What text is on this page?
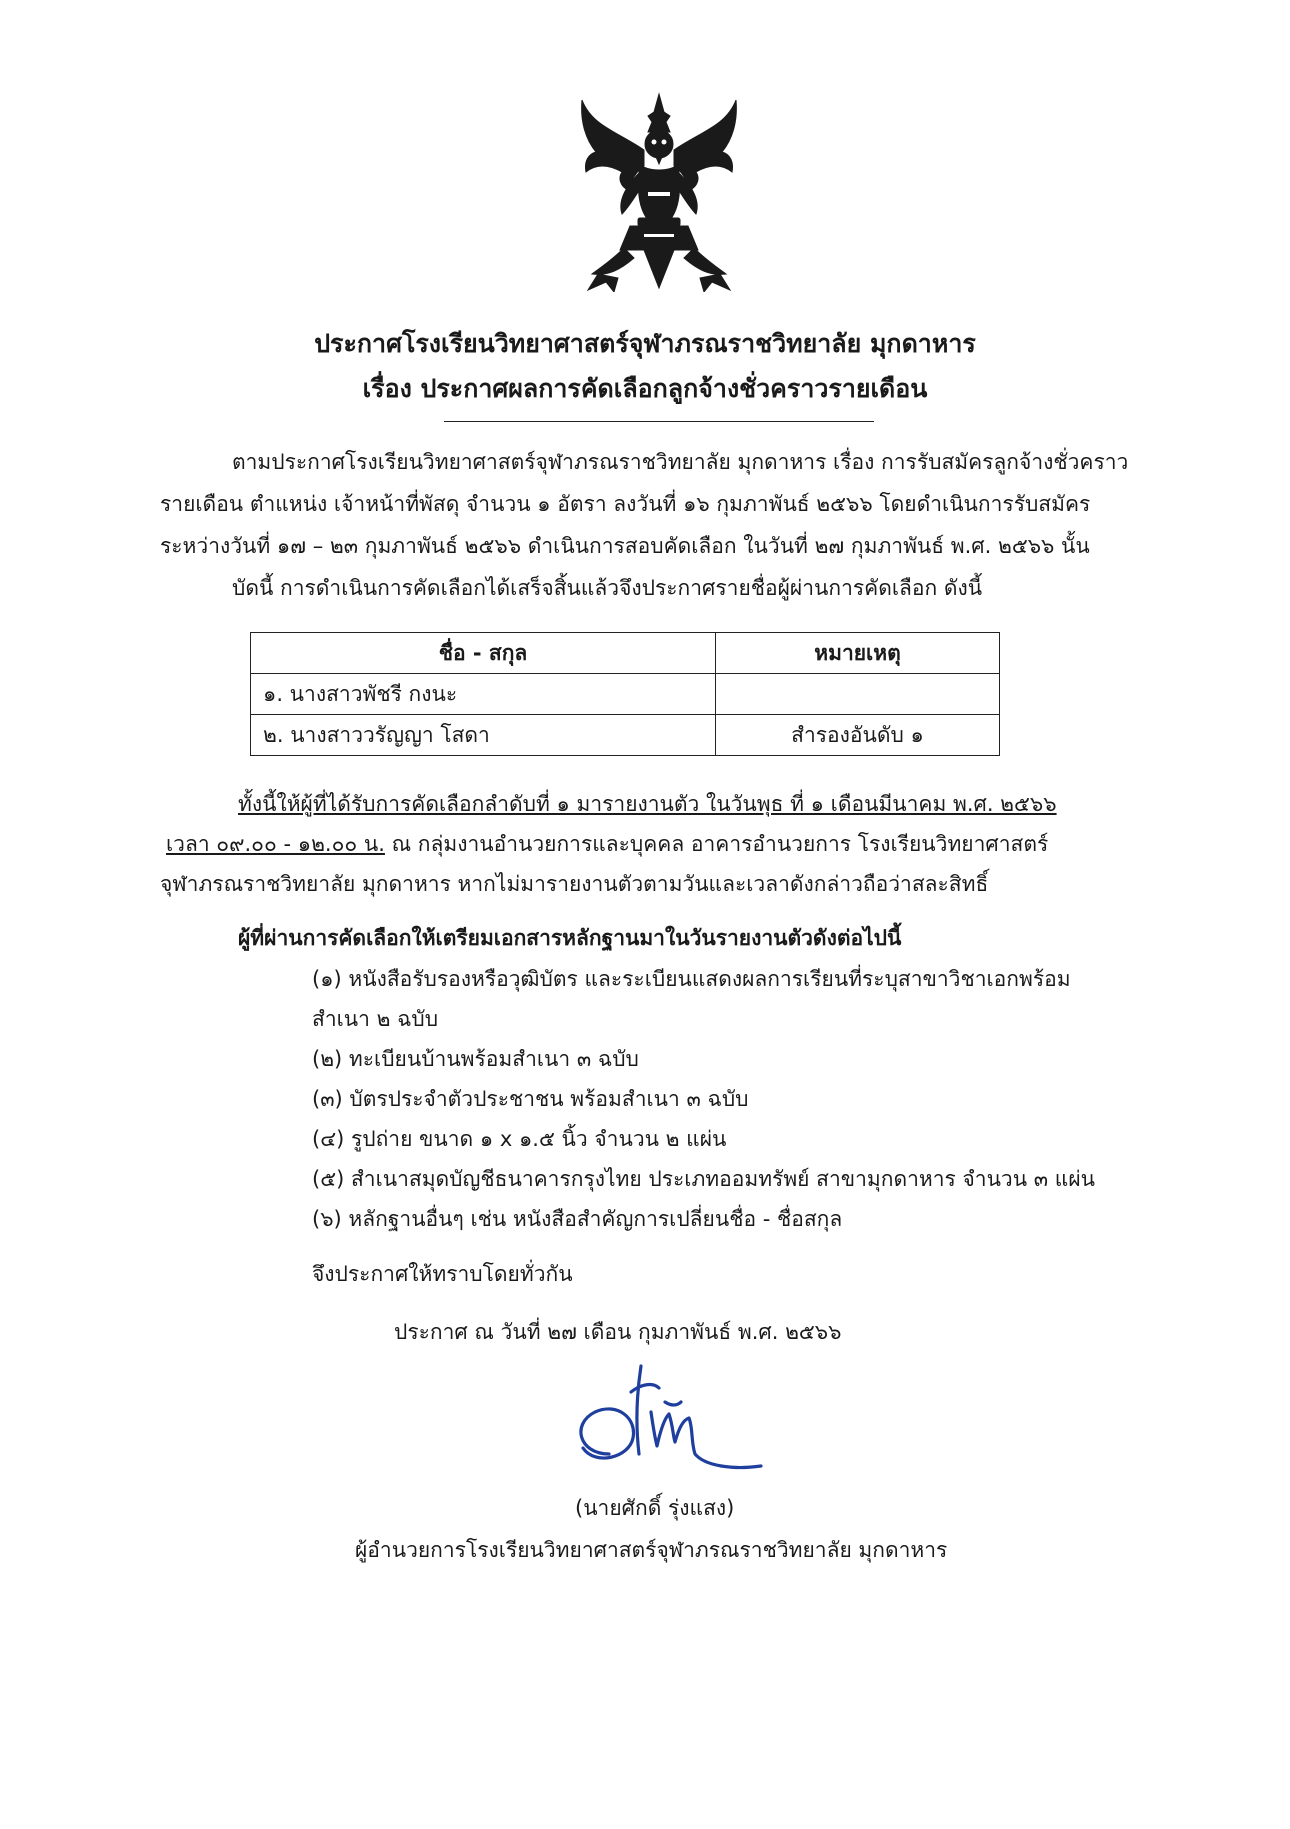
ประกาศโรงเรียนวิทยาศาสตร์จุฬาภรณราชวิทยาลัย มุกดาหาร
เรื่อง ประกาศผลการคัดเลือกลูกจ้างชั่วคราวรายเดือน
ตามประกาศโรงเรียนวิทยาศาสตร์จุฬาภรณราชวิทยาลัย มุกดาหาร เรื่อง การรับสมัครลูกจ้างชั่วคราว
รายเดือน ตำแหน่ง เจ้าหน้าที่พัสดุ จำนวน ๑ อัตรา ลงวันที่ ๑๖ กุมภาพันธ์ ๒๕๖๖ โดยดำเนินการรับสมัคร
ระหว่างวันที่ ๑๗ – ๒๓ กุมภาพันธ์ ๒๕๖๖ ดำเนินการสอบคัดเลือก ในวันที่ ๒๗ กุมภาพันธ์ พ.ศ. ๒๕๖๖ นั้น
บัดนี้ การดำเนินการคัดเลือกได้เสร็จสิ้นแล้วจึงประกาศรายชื่อผู้ผ่านการคัดเลือก ดังนี้
ชื่อ - สกุล	หมายเหตุ
๑. นางสาวพัชรี กงนะ	
๒. นางสาววรัญญา โสดา	สำรองอันดับ ๑
ทั้งนี้ให้ผู้ที่ได้รับการคัดเลือกลำดับที่ ๑ มารายงานตัว ในวันพุธ ที่ ๑ เดือนมีนาคม พ.ศ. ๒๕๖๖
เวลา ๐๙.๐๐ - ๑๒.๐๐ น. ณ กลุ่มงานอำนวยการและบุคคล อาคารอำนวยการ โรงเรียนวิทยาศาสตร์
จุฬาภรณราชวิทยาลัย มุกดาหาร หากไม่มารายงานตัวตามวันและเวลาดังกล่าวถือว่าสละสิทธิ์
ผู้ที่ผ่านการคัดเลือกให้เตรียมเอกสารหลักฐานมาในวันรายงานตัวดังต่อไปนี้
(๑) หนังสือรับรองหรือวุฒิบัตร และระเบียนแสดงผลการเรียนที่ระบุสาขาวิชาเอกพร้อม
สำเนา ๒ ฉบับ
(๒) ทะเบียนบ้านพร้อมสำเนา ๓ ฉบับ
(๓) บัตรประจำตัวประชาชน พร้อมสำเนา ๓ ฉบับ
(๔) รูปถ่าย ขนาด ๑ x ๑.๕ นิ้ว จำนวน ๒ แผ่น
(๕) สำเนาสมุดบัญชีธนาคารกรุงไทย ประเภทออมทรัพย์ สาขามุกดาหาร จำนวน ๓ แผ่น
(๖) หลักฐานอื่นๆ เช่น หนังสือสำคัญการเปลี่ยนชื่อ - ชื่อสกุล
จึงประกาศให้ทราบโดยทั่วกัน
ประกาศ ณ วันที่ ๒๗ เดือน กุมภาพันธ์ พ.ศ. ๒๕๖๖
(นายศักดิ์ รุ่งแสง)
ผู้อำนวยการโรงเรียนวิทยาศาสตร์จุฬาภรณราชวิทยาลัย มุกดาหาร
